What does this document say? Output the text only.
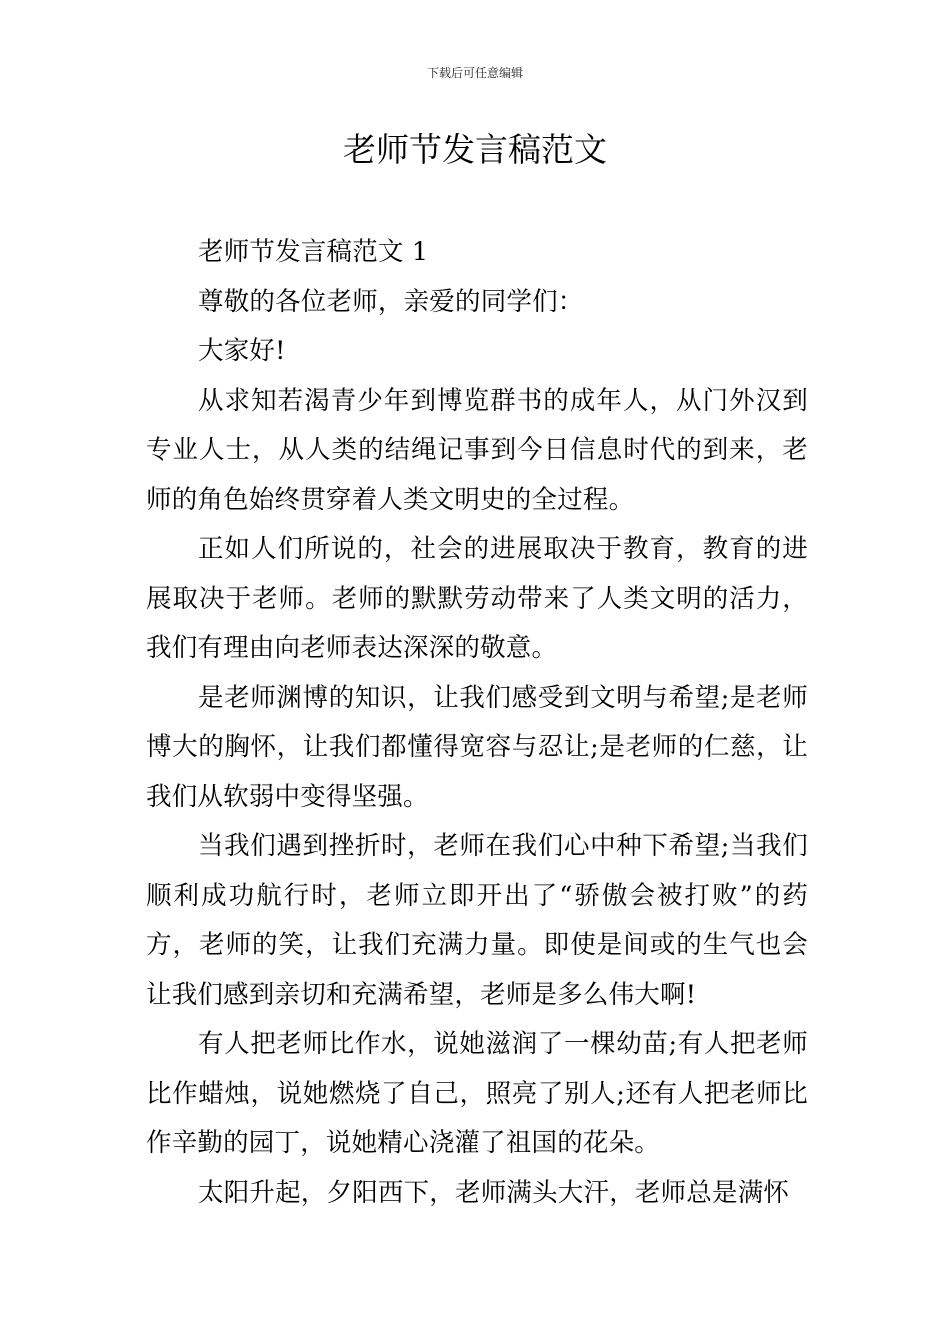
下载后可任意编辑
老师节发言稿范文

老师节发言稿范文 1

尊敬的各位老师，亲爱的同学们：

大家好!

从求知若渴青少年到博览群书的成年人，从门外汉到专业人士，从人类的结绳记事到今日信息时代的到来，老师的角色始终贯穿着人类文明史的全过程。

正如人们所说的，社会的进展取决于教育，教育的进展取决于老师。老师的默默劳动带来了人类文明的活力，我们有理由向老师表达深深的敬意。

是老师渊博的知识，让我们感受到文明与希望;是老师博大的胸怀，让我们都懂得宽容与忍让;是老师的仁慈，让我们从软弱中变得坚强。

当我们遇到挫折时，老师在我们心中种下希望;当我们顺利成功航行时，老师立即开出了“骄傲会被打败”的药方，老师的笑，让我们充满力量。即使是间或的生气也会让我们感到亲切和充满希望，老师是多么伟大啊!

有人把老师比作水，说她滋润了一棵幼苗;有人把老师比作蜡烛，说她燃烧了自己，照亮了别人;还有人把老师比作辛勤的园丁，说她精心浇灌了祖国的花朵。

太阳升起，夕阳西下，老师满头大汗，老师总是满怀
